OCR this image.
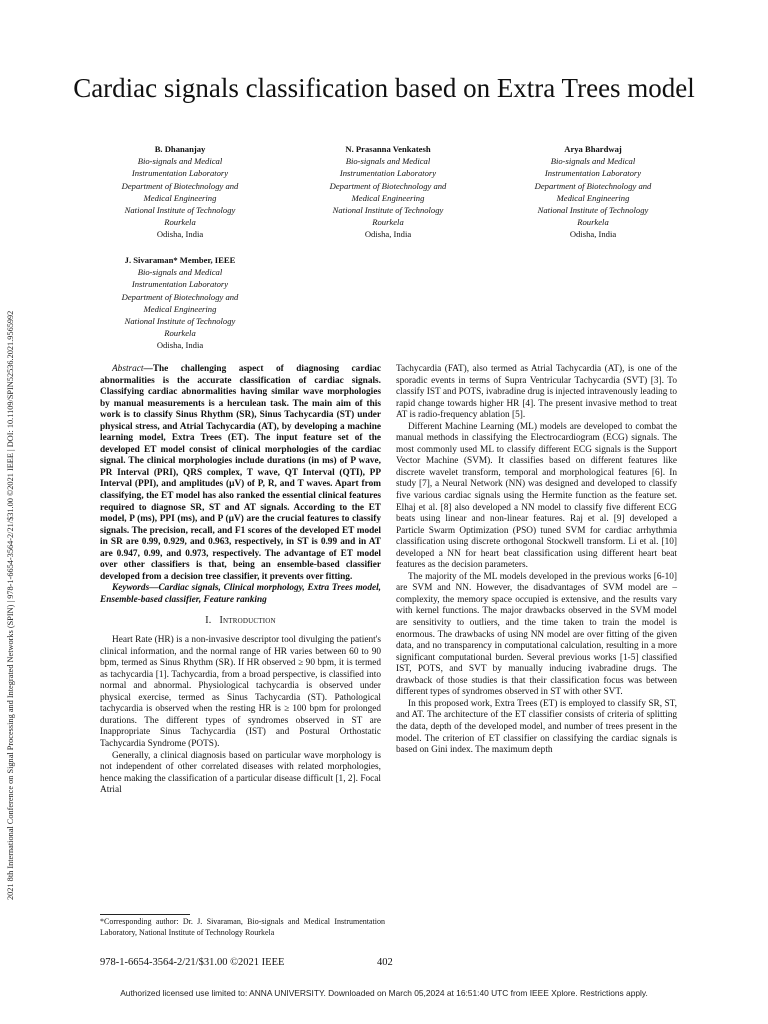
2021 8th International Conference on Signal Processing and Integrated Networks (SPIN) | 978-1-6654-3564-2/21/$31.00 ©2021 IEEE | DOI: 10.1109/SPIN52536.2021.9565992
Cardiac signals classification based on Extra Trees model
B. Dhananjay
Bio-signals and Medical
Instrumentation Laboratory
Department of Biotechnology and
Medical Engineering
National Institute of Technology
Rourkela
Odisha, India
N. Prasanna Venkatesh
Bio-signals and Medical
Instrumentation Laboratory
Department of Biotechnology and
Medical Engineering
National Institute of Technology
Rourkela
Odisha, India
Arya Bhardwaj
Bio-signals and Medical
Instrumentation Laboratory
Department of Biotechnology and
Medical Engineering
National Institute of Technology
Rourkela
Odisha, India
J. Sivaraman* Member, IEEE
Bio-signals and Medical
Instrumentation Laboratory
Department of Biotechnology and
Medical Engineering
National Institute of Technology
Rourkela
Odisha, India

Abstract—The challenging aspect of diagnosing cardiac abnormalities is the accurate classification of cardiac signals. Classifying cardiac abnormalities having similar wave morphologies by manual measurements is a herculean task. The main aim of this work is to classify Sinus Rhythm (SR), Sinus Tachycardia (ST) under physical stress, and Atrial Tachycardia (AT), by developing a machine learning model, Extra Trees (ET). The input feature set of the developed ET model consist of clinical morphologies of the cardiac signal. The clinical morphologies include durations (in ms) of P wave, PR Interval (PRI), QRS complex, T wave, QT Interval (QTI), PP Interval (PPI), and amplitudes (µV) of P, R, and T waves. Apart from classifying, the ET model has also ranked the essential clinical features required to diagnose SR, ST and AT signals. According to the ET model, P (ms), PPI (ms), and P (µV) are the crucial features to classify signals. The precision, recall, and F1 scores of the developed ET model in SR are 0.99, 0.929, and 0.963, respectively, in ST is 0.99 and in AT are 0.947, 0.99, and 0.973, respectively. The advantage of ET model over other classifiers is that, being an ensemble-based classifier developed from a decision tree classifier, it prevents over fitting.

Keywords—Cardiac signals, Clinical morphology, Extra Trees model, Ensemble-based classifier, Feature ranking

I. Introduction

Heart Rate (HR) is a non-invasive descriptor tool divulging the patient's clinical information, and the normal range of HR varies between 60 to 90 bpm, termed as Sinus Rhythm (SR). If HR observed ≥ 90 bpm, it is termed as tachycardia [1]. Tachycardia, from a broad perspective, is classified into normal and abnormal. Physiological tachycardia is observed under physical exercise, termed as Sinus Tachycardia (ST). Pathological tachycardia is observed when the resting HR is ≥ 100 bpm for prolonged durations. The different types of syndromes observed in ST are Inappropriate Sinus Tachycardia (IST) and Postural Orthostatic Tachycardia Syndrome (POTS).

Generally, a clinical diagnosis based on particular wave morphology is not independent of other correlated diseases with related morphologies, hence making the classification of a particular disease difficult [1, 2]. Focal Atrial

Tachycardia (FAT), also termed as Atrial Tachycardia (AT), is one of the sporadic events in terms of Supra Ventricular Tachycardia (SVT) [3]. To classify IST and POTS, ivabradine drug is injected intravenously leading to rapid change towards higher HR [4]. The present invasive method to treat AT is radio-frequency ablation [5].

Different Machine Learning (ML) models are developed to combat the manual methods in classifying the Electrocardiogram (ECG) signals. The most commonly used ML to classify different ECG signals is the Support Vector Machine (SVM). It classifies based on different features like discrete wavelet transform, temporal and morphological features [6]. In study [7], a Neural Network (NN) was designed and developed to classify five various cardiac signals using the Hermite function as the feature set. Elhaj et al. [8] also developed a NN model to classify five different ECG beats using linear and non-linear features. Raj et al. [9] developed a Particle Swarm Optimization (PSO) tuned SVM for cardiac arrhythmia classification using discrete orthogonal Stockwell transform. Li et al. [10] developed a NN for heart beat classification using different heart beat features as the decision parameters.

The majority of the ML models developed in the previous works [6-10] are SVM and NN. However, the disadvantages of SVM model are – complexity, the memory space occupied is extensive, and the results vary with kernel functions. The major drawbacks observed in the SVM model are sensitivity to outliers, and the time taken to train the model is enormous. The drawbacks of using NN model are over fitting of the given data, and no transparency in computational calculation, resulting in a more significant computational burden. Several previous works [1-5] classified IST, POTS, and SVT by manually inducing ivabradine drugs. The drawback of those studies is that their classification focus was between different types of syndromes observed in ST with other SVT.

In this proposed work, Extra Trees (ET) is employed to classify SR, ST, and AT. The architecture of the ET classifier consists of criteria of splitting the data, depth of the developed model, and number of trees present in the model. The criterion of ET classifier on classifying the cardiac signals is based on Gini index. The maximum depth

*Corresponding author: Dr. J. Sivaraman, Bio-signals and Medical Instrumentation Laboratory, National Institute of Technology Rourkela
978-1-6654-3564-2/21/$31.00 ©2021 IEEE	402
Authorized licensed use limited to: ANNA UNIVERSITY. Downloaded on March 05,2024 at 16:51:40 UTC from IEEE Xplore. Restrictions apply.
